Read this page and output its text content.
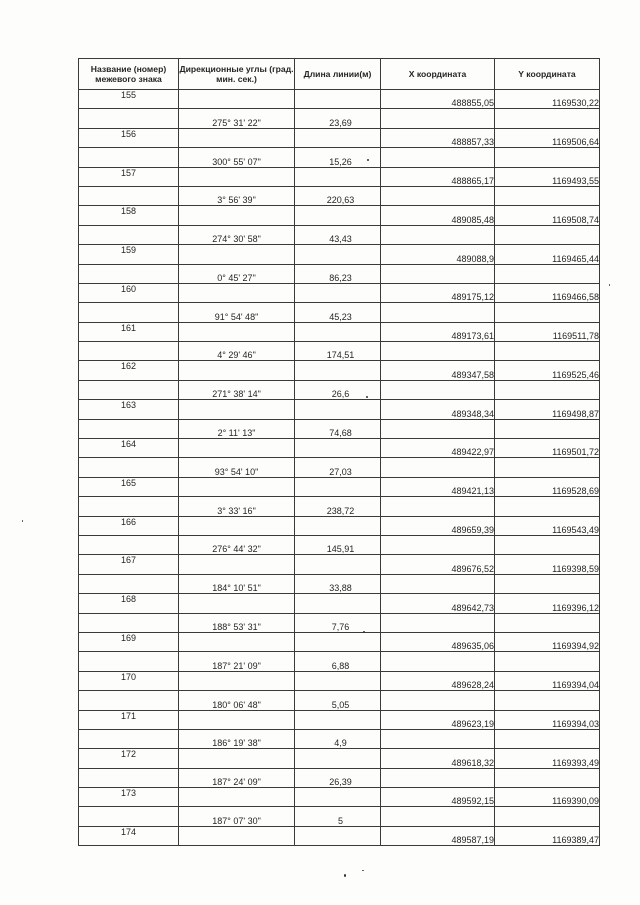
Название (номер) межевого знака	Дирекционные углы (град. мин. сек.)	Длина линии(м)	X координата	Y координата
155			488855,05	1169530,22
	275° 31' 22"	23,69		
156			488857,33	1169506,64
	300° 55' 07"	15,26		
157			488865,17	1169493,55
	3° 56' 39"	220,63		
158			489085,48	1169508,74
	274° 30' 58"	43,43		
159			489088,9	1169465,44
	0° 45' 27"	86,23		
160			489175,12	1169466,58
	91° 54' 48"	45,23		
161			489173,61	1169511,78
	4° 29' 46"	174,51		
162			489347,58	1169525,46
	271° 38' 14"	26,6		
163			489348,34	1169498,87
	2° 11' 13"	74,68		
164			489422,97	1169501,72
	93° 54' 10"	27,03		
165			489421,13	1169528,69
	3° 33' 16"	238,72		
166			489659,39	1169543,49
	276° 44' 32"	145,91		
167			489676,52	1169398,59
	184° 10' 51"	33,88		
168			489642,73	1169396,12
	188° 53' 31"	7,76		
169			489635,06	1169394,92
	187° 21' 09"	6,88		
170			489628,24	1169394,04
	180° 06' 48"	5,05		
171			489623,19	1169394,03
	186° 19' 38"	4,9		
172			489618,32	1169393,49
	187° 24' 09"	26,39		
173			489592,15	1169390,09
	187° 07' 30"	5		
174			489587,19	1169389,47
